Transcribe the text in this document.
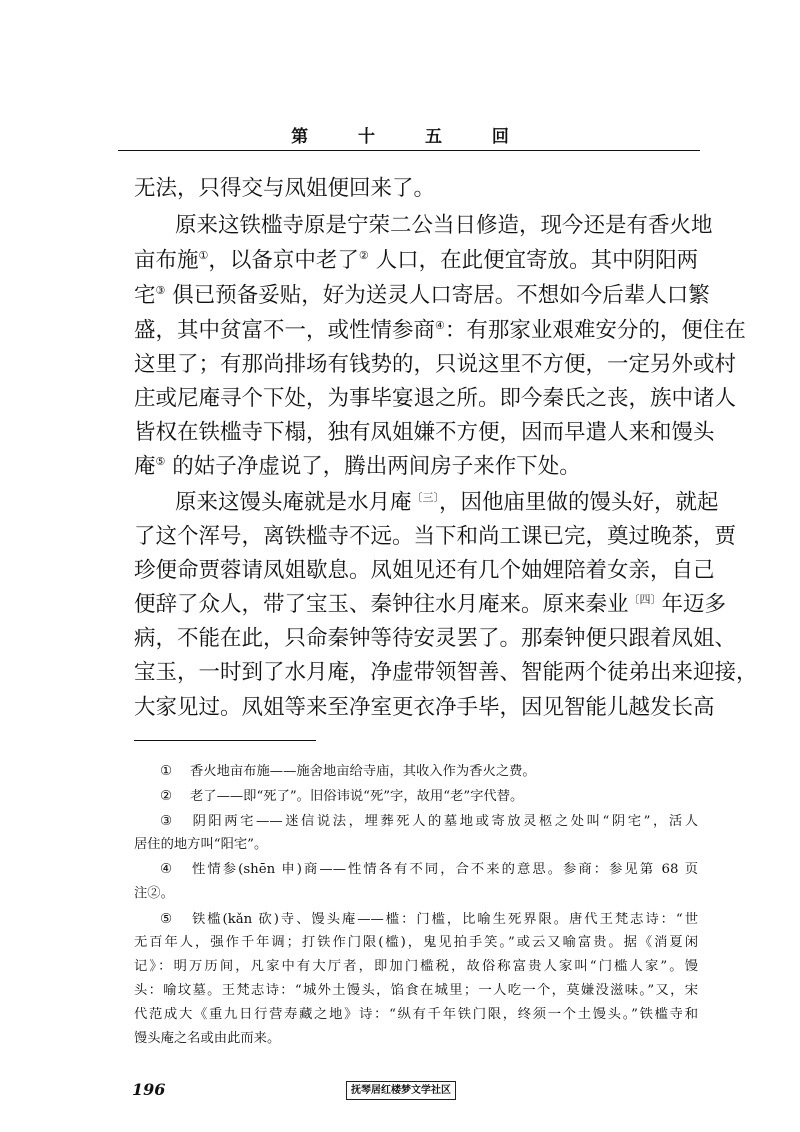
第 十 五 回
无法，只得交与凤姐便回来了。
原来这铁槛寺原是宁荣二公当日修造，现今还是有香火地
亩布施①，以备京中老了② 人口，在此便宜寄放。其中阴阳两
宅③ 俱已预备妥贴，好为送灵人口寄居。不想如今后辈人口繁
盛，其中贫富不一，或性情参商④：有那家业艰难安分的，便住在
这里了；有那尚排场有钱势的，只说这里不方便，一定另外或村
庄或尼庵寻个下处，为事毕宴退之所。即今秦氏之丧，族中诸人
皆权在铁槛寺下榻，独有凤姐嫌不方便，因而早遣人来和馒头
庵⑤ 的姑子净虚说了，腾出两间房子来作下处。
原来这馒头庵就是水月庵$^{〔三〕}$，因他庙里做的馒头好，就起
了这个浑号，离铁槛寺不远。当下和尚工课已完，奠过晚茶，贾
珍便命贾蓉请凤姐歇息。凤姐见还有几个妯娌陪着女亲，自己
便辞了众人，带了宝玉、秦钟往水月庵来。原来秦业$^{〔四〕}$年迈多
病，不能在此，只命秦钟等待安灵罢了。那秦钟便只跟着凤姐、
宝玉，一时到了水月庵，净虚带领智善、智能两个徒弟出来迎接，
大家见过。凤姐等来至净室更衣净手毕，因见智能儿越发长高
① 香火地亩布施——施舍地亩给寺庙，其收入作为香火之费。
② 老了——即“死了”。旧俗讳说“死”字，故用“老”字代替。
③ 阴阳两宅——迷信说法，埋葬死人的墓地或寄放灵柩之处叫“阴宅”，活人
居住的地方叫“阳宅”。
④ 性情参(shēn 申)商——性情各有不同，合不来的意思。参商：参见第 68 页
注②。
⑤ 铁槛(kǎn 砍)寺、馒头庵——槛：门槛，比喻生死界限。唐代王梵志诗：“世
无百年人，强作千年调；打铁作门限(槛)，鬼见拍手笑。”或云又喻富贵。据《消夏闲
记》：明万历间，凡家中有大厅者，即加门槛税，故俗称富贵人家叫“门槛人家”。馒
头：喻坟墓。王梵志诗：“城外土馒头，馅食在城里；一人吃一个，莫嫌没滋味。”又，宋
代范成大《重九日行营寿藏之地》诗：“纵有千年铁门限，终须一个土馒头。”铁槛寺和
馒头庵之名或由此而来。
196	抚琴居红楼梦文学社区
